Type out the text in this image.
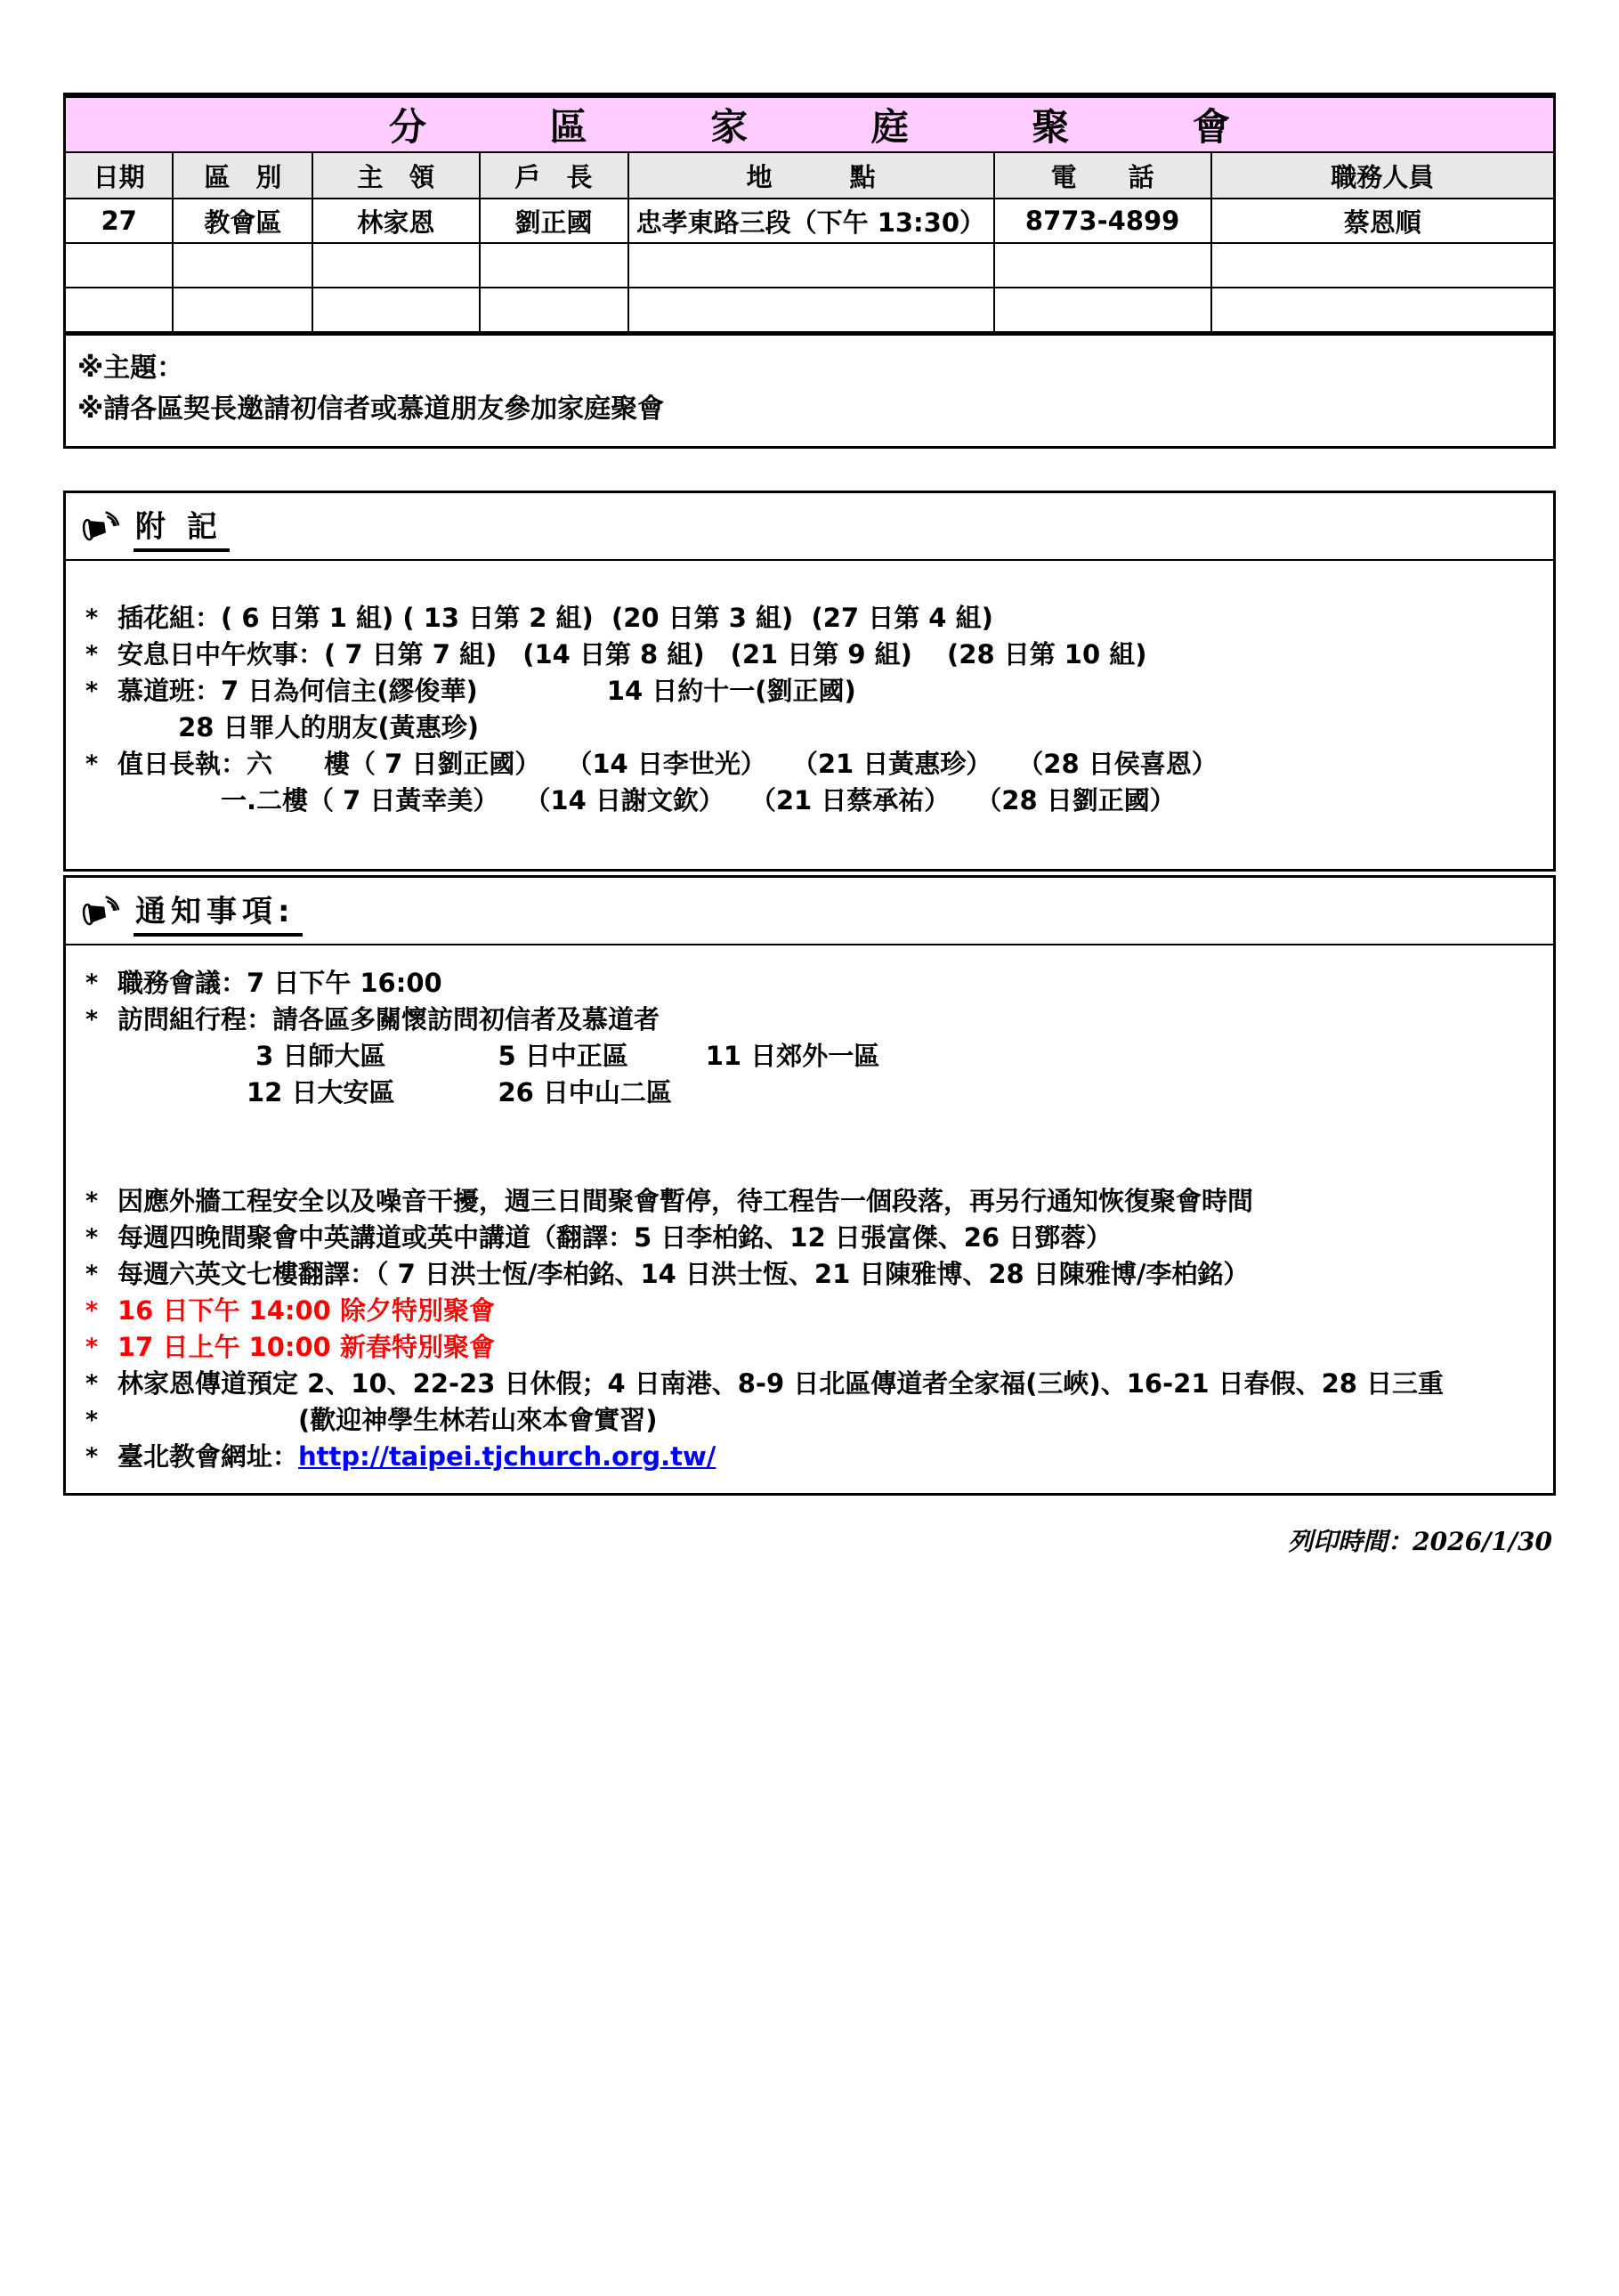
分區家庭聚會						
日期	區　別	主　領	戶　長	地　　　點	電　　話	職務人員
27	教會區	林家恩	劉正國	忠孝東路三段（下午 13:30）	8773-4899	蔡恩順

※主題：
※請各區契長邀請初信者或慕道朋友參加家庭聚會
附 記
* 插花組：( 6 日第 1 組) ( 13 日第 2 組)  (20 日第 3 組)  (27 日第 4 組)
* 安息日中午炊事：( 7 日第 7 組)　(14 日第 8 組)　(21 日第 9 組)　 (28 日第 10 組)
* 慕道班：7 日為何信主(繆俊華)　　　　　14 日約十一(劉正國)
　　 28 日罪人的朋友(黃惠珍)
* 值日長執：六　　樓（ 7 日劉正國）　　（14 日李世光）　　（21 日黃惠珍）　　（28 日侯喜恩）
　　　　一.二樓（ 7 日黃幸美）　　（14 日謝文欽）　　（21 日蔡承祐）　　（28 日劉正國）
通知事項:
* 職務會議：7 日下午 16:00
* 訪問組行程：請各區多關懷訪問初信者及慕道者
　　　　　 3 日師大區　　　　 5 日中正區　　　11 日郊外一區
　　　　　12 日大安區　　　　26 日中山二區
* 因應外牆工程安全以及噪音干擾，週三日間聚會暫停，待工程告一個段落，再另行通知恢復聚會時間
* 每週四晚間聚會中英講道或英中講道（翻譯：5 日李柏銘、12 日張富傑、26 日鄧蓉）
* 每週六英文七樓翻譯：（ 7 日洪士恆/李柏銘、14 日洪士恆、21 日陳雅博、28 日陳雅博/李柏銘）
* 16 日下午 14:00 除夕特別聚會
* 17 日上午 10:00 新春特別聚會
* 林家恩傳道預定 2、10、22-23 日休假；4 日南港、8-9 日北區傳道者全家福(三峽)、16-21 日春假、28 日三重
* 　　　　　　　(歡迎神學生林若山來本會實習)
* 臺北教會網址：http://taipei.tjchurch.org.tw/
列印時間：2026/1/30
